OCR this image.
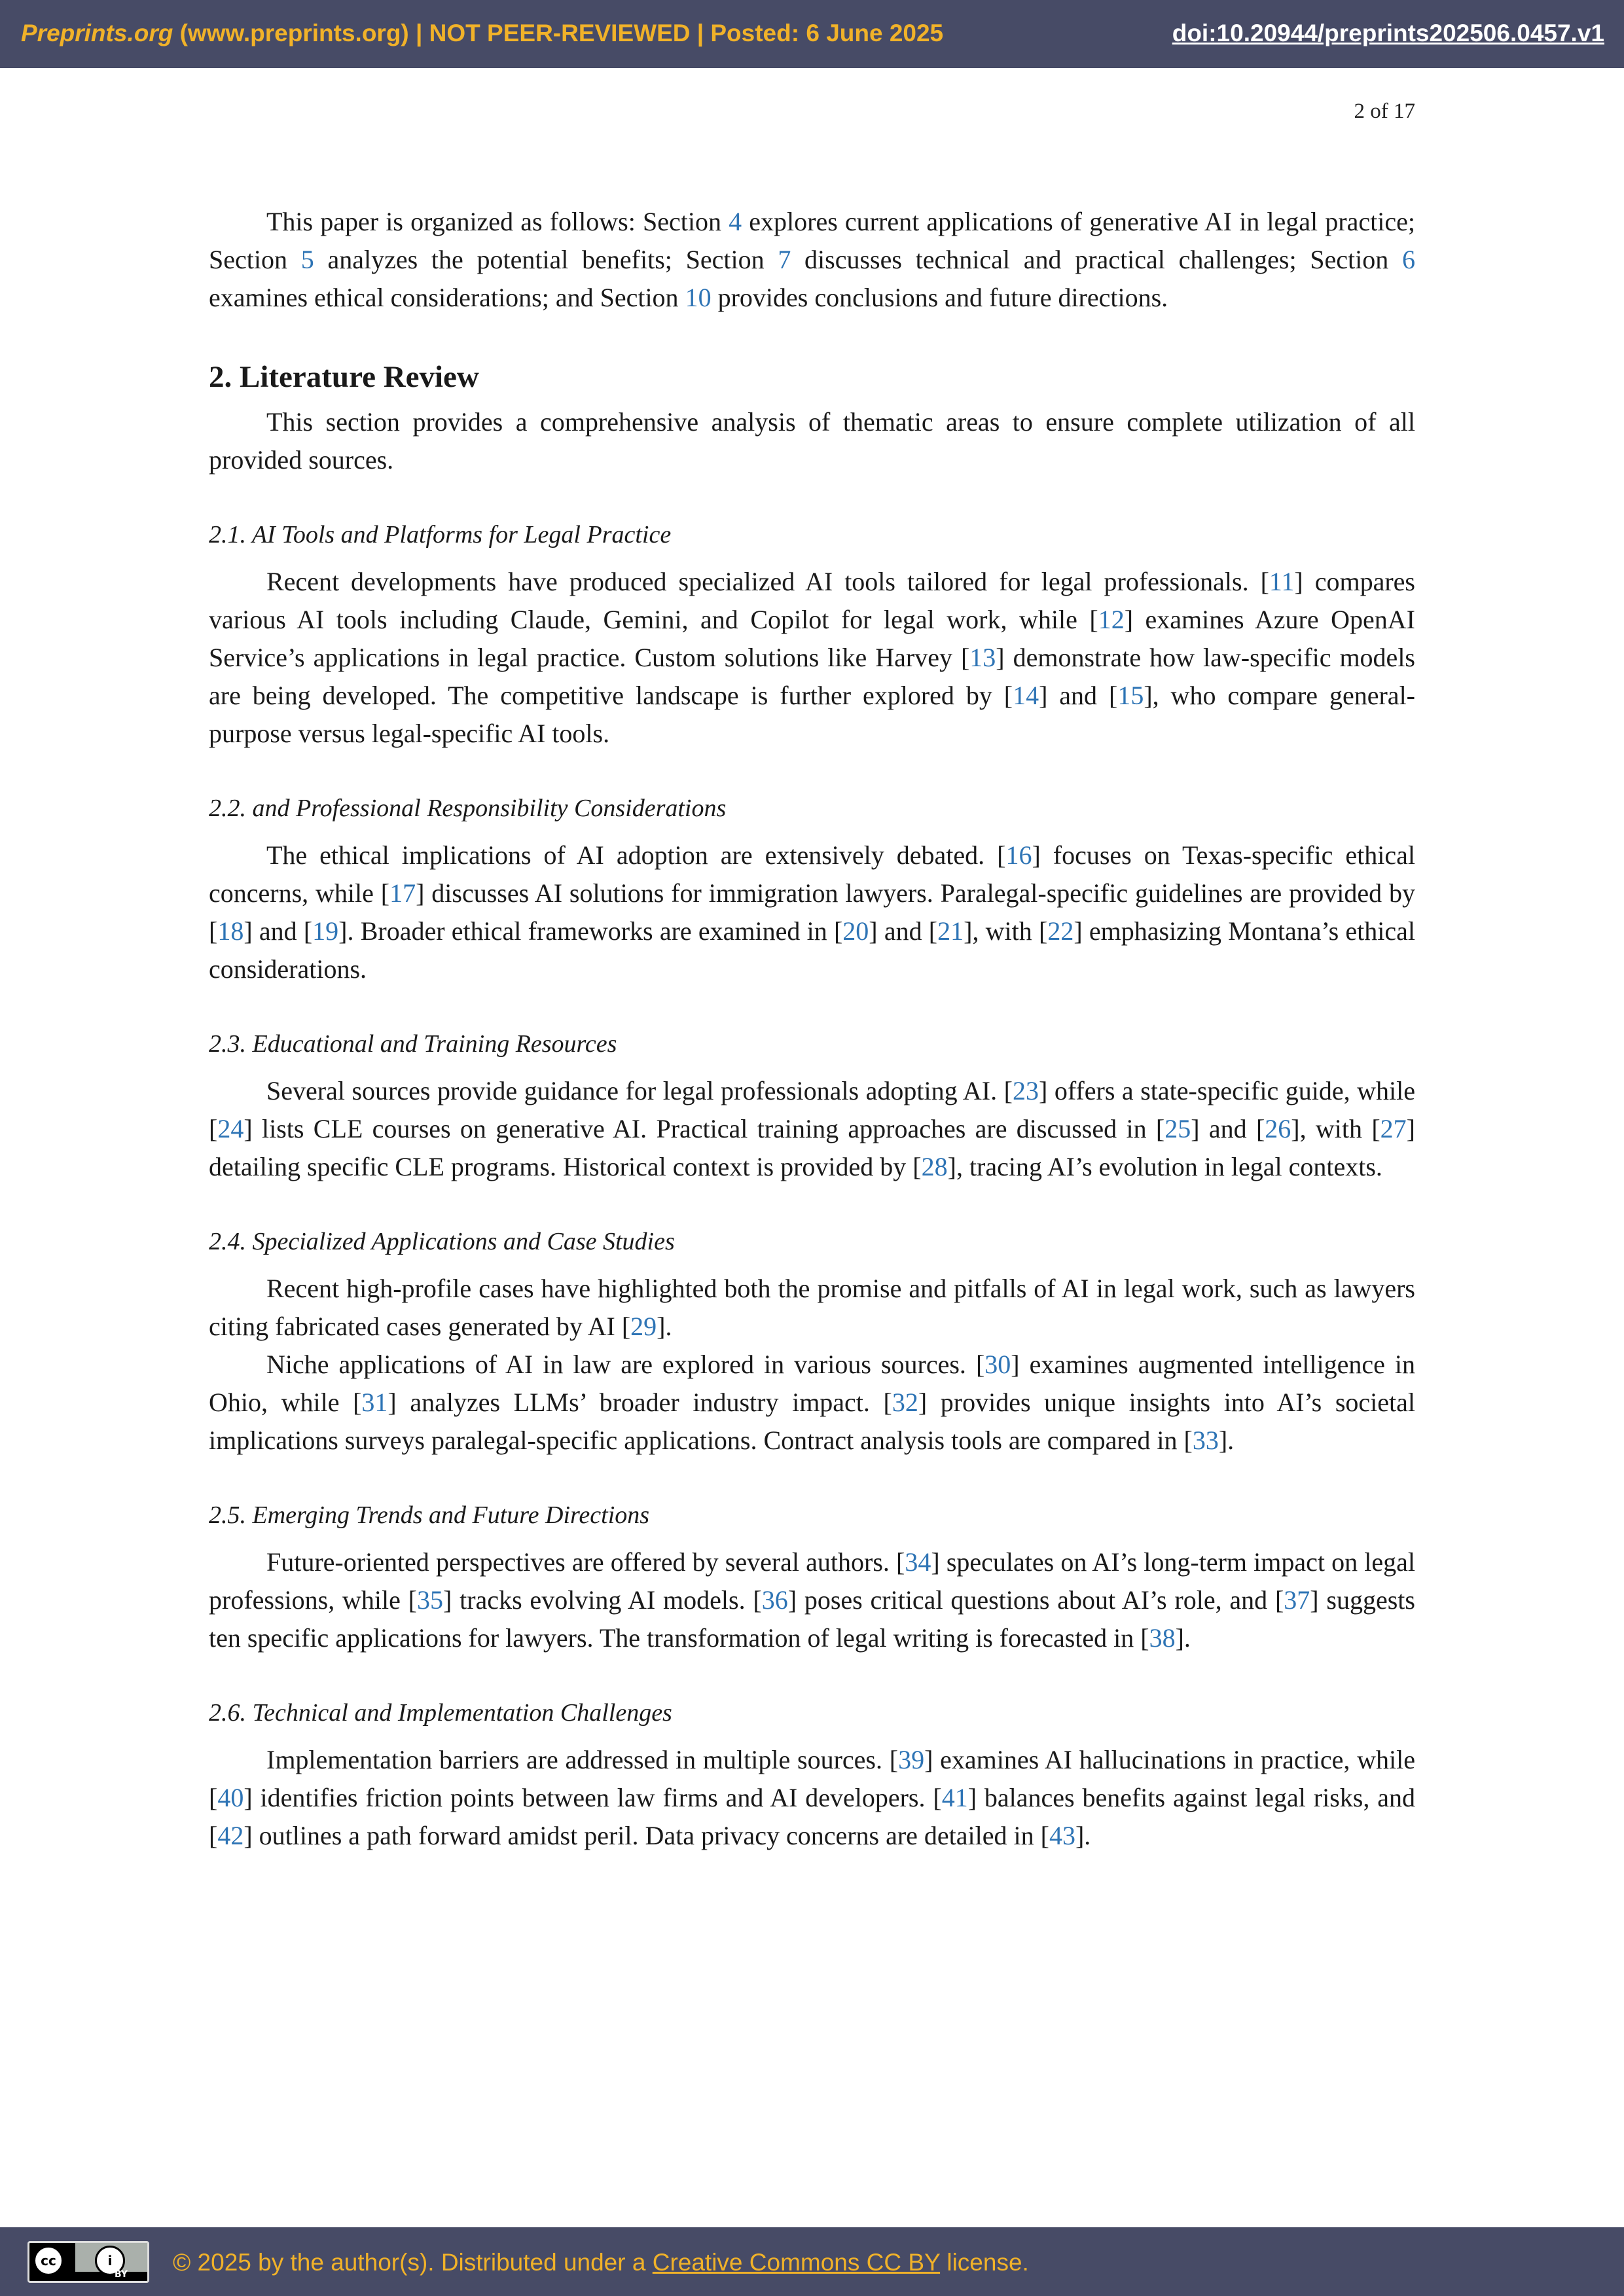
Preprints.org (www.preprints.org) | NOT PEER-REVIEWED | Posted: 6 June 2025	doi:10.20944/preprints202506.0457.v1
2 of 17

This paper is organized as follows: Section 4 explores current applications of generative AI in legal practice; Section 5 analyzes the potential benefits; Section 7 discusses technical and practical challenges; Section 6 examines ethical considerations; and Section 10 provides conclusions and future directions.

2. Literature Review

This section provides a comprehensive analysis of thematic areas to ensure complete utilization of all provided sources.

2.1. AI Tools and Platforms for Legal Practice

Recent developments have produced specialized AI tools tailored for legal professionals. [11] compares various AI tools including Claude, Gemini, and Copilot for legal work, while [12] examines Azure OpenAI Service’s applications in legal practice. Custom solutions like Harvey [13] demonstrate how law-specific models are being developed. The competitive landscape is further explored by [14] and [15], who compare general-purpose versus legal-specific AI tools.

2.2. and Professional Responsibility Considerations

The ethical implications of AI adoption are extensively debated. [16] focuses on Texas-specific ethical concerns, while [17] discusses AI solutions for immigration lawyers. Paralegal-specific guidelines are provided by [18] and [19]. Broader ethical frameworks are examined in [20] and [21], with [22] emphasizing Montana’s ethical considerations.

2.3. Educational and Training Resources

Several sources provide guidance for legal professionals adopting AI. [23] offers a state-specific guide, while [24] lists CLE courses on generative AI. Practical training approaches are discussed in [25] and [26], with [27] detailing specific CLE programs. Historical context is provided by [28], tracing AI’s evolution in legal contexts.

2.4. Specialized Applications and Case Studies

Recent high-profile cases have highlighted both the promise and pitfalls of AI in legal work, such as lawyers citing fabricated cases generated by AI [29].

Niche applications of AI in law are explored in various sources. [30] examines augmented intelligence in Ohio, while [31] analyzes LLMs’ broader industry impact. [32] provides unique insights into AI’s societal implications surveys paralegal-specific applications. Contract analysis tools are compared in [33].

2.5. Emerging Trends and Future Directions

Future-oriented perspectives are offered by several authors. [34] speculates on AI’s long-term impact on legal professions, while [35] tracks evolving AI models. [36] poses critical questions about AI’s role, and [37] suggests ten specific applications for lawyers. The transformation of legal writing is forecasted in [38].

2.6. Technical and Implementation Challenges

Implementation barriers are addressed in multiple sources. [39] examines AI hallucinations in practice, while [40] identifies friction points between law firms and AI developers. [41] balances benefits against legal risks, and [42] outlines a path forward amidst peril. Data privacy concerns are detailed in [43].

cc	i
BY © 2025 by the author(s). Distributed under a Creative Commons CC BY license.
